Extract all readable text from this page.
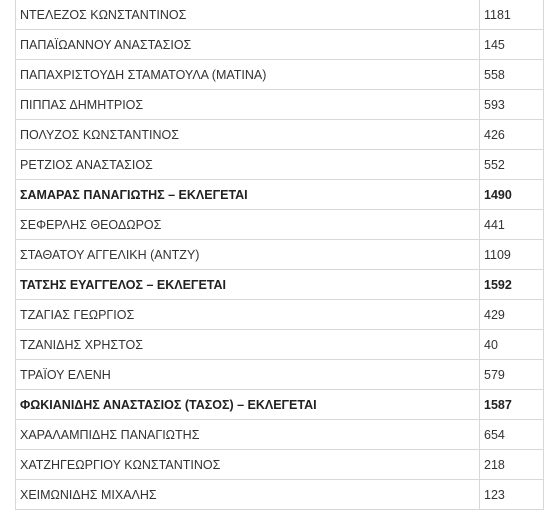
ΝΤΕΛΕΖΟΣ ΚΩΝΣΤΑΝΤΙΝΟΣ	1181
ΠΑΠΑΪΩΑΝΝΟΥ ΑΝΑΣΤΑΣΙΟΣ	145
ΠΑΠΑΧΡΙΣΤΟΥΔΗ ΣΤΑΜΑΤΟΥΛΑ (ΜΑΤΙΝΑ)	558
ΠΙΠΠΑΣ ΔΗΜΗΤΡΙΟΣ	593
ΠΟΛΥΖΟΣ ΚΩΝΣΤΑΝΤΙΝΟΣ	426
ΡΕΤΖΙΟΣ ΑΝΑΣΤΑΣΙΟΣ	552
ΣΑΜΑΡΑΣ ΠΑΝΑΓΙΩΤΗΣ – ΕΚΛΕΓΕΤΑΙ	1490
ΣΕΦΕΡΛΗΣ ΘΕΟΔΩΡΟΣ	441
ΣΤΑΘΑΤΟΥ ΑΓΓΕΛΙΚΗ (ΑΝΤΖΥ)	1109
ΤΑΤΣΗΣ ΕΥΑΓΓΕΛΟΣ – ΕΚΛΕΓΕΤΑΙ	1592
ΤΖΑΓΙΑΣ ΓΕΩΡΓΙΟΣ	429
ΤΖΑΝΙΔΗΣ ΧΡΗΣΤΟΣ	40
ΤΡΑΪΟΥ ΕΛΕΝΗ	579
ΦΩΚΙΑΝΙΔΗΣ ΑΝΑΣΤΑΣΙΟΣ (ΤΑΣΟΣ) – ΕΚΛΕΓΕΤΑΙ	1587
ΧΑΡΑΛΑΜΠΙΔΗΣ ΠΑΝΑΓΙΩΤΗΣ	654
ΧΑΤΖΗΓΕΩΡΓΙΟΥ ΚΩΝΣΤΑΝΤΙΝΟΣ	218
ΧΕΙΜΩΝΙΔΗΣ ΜΙΧΑΛΗΣ	123
